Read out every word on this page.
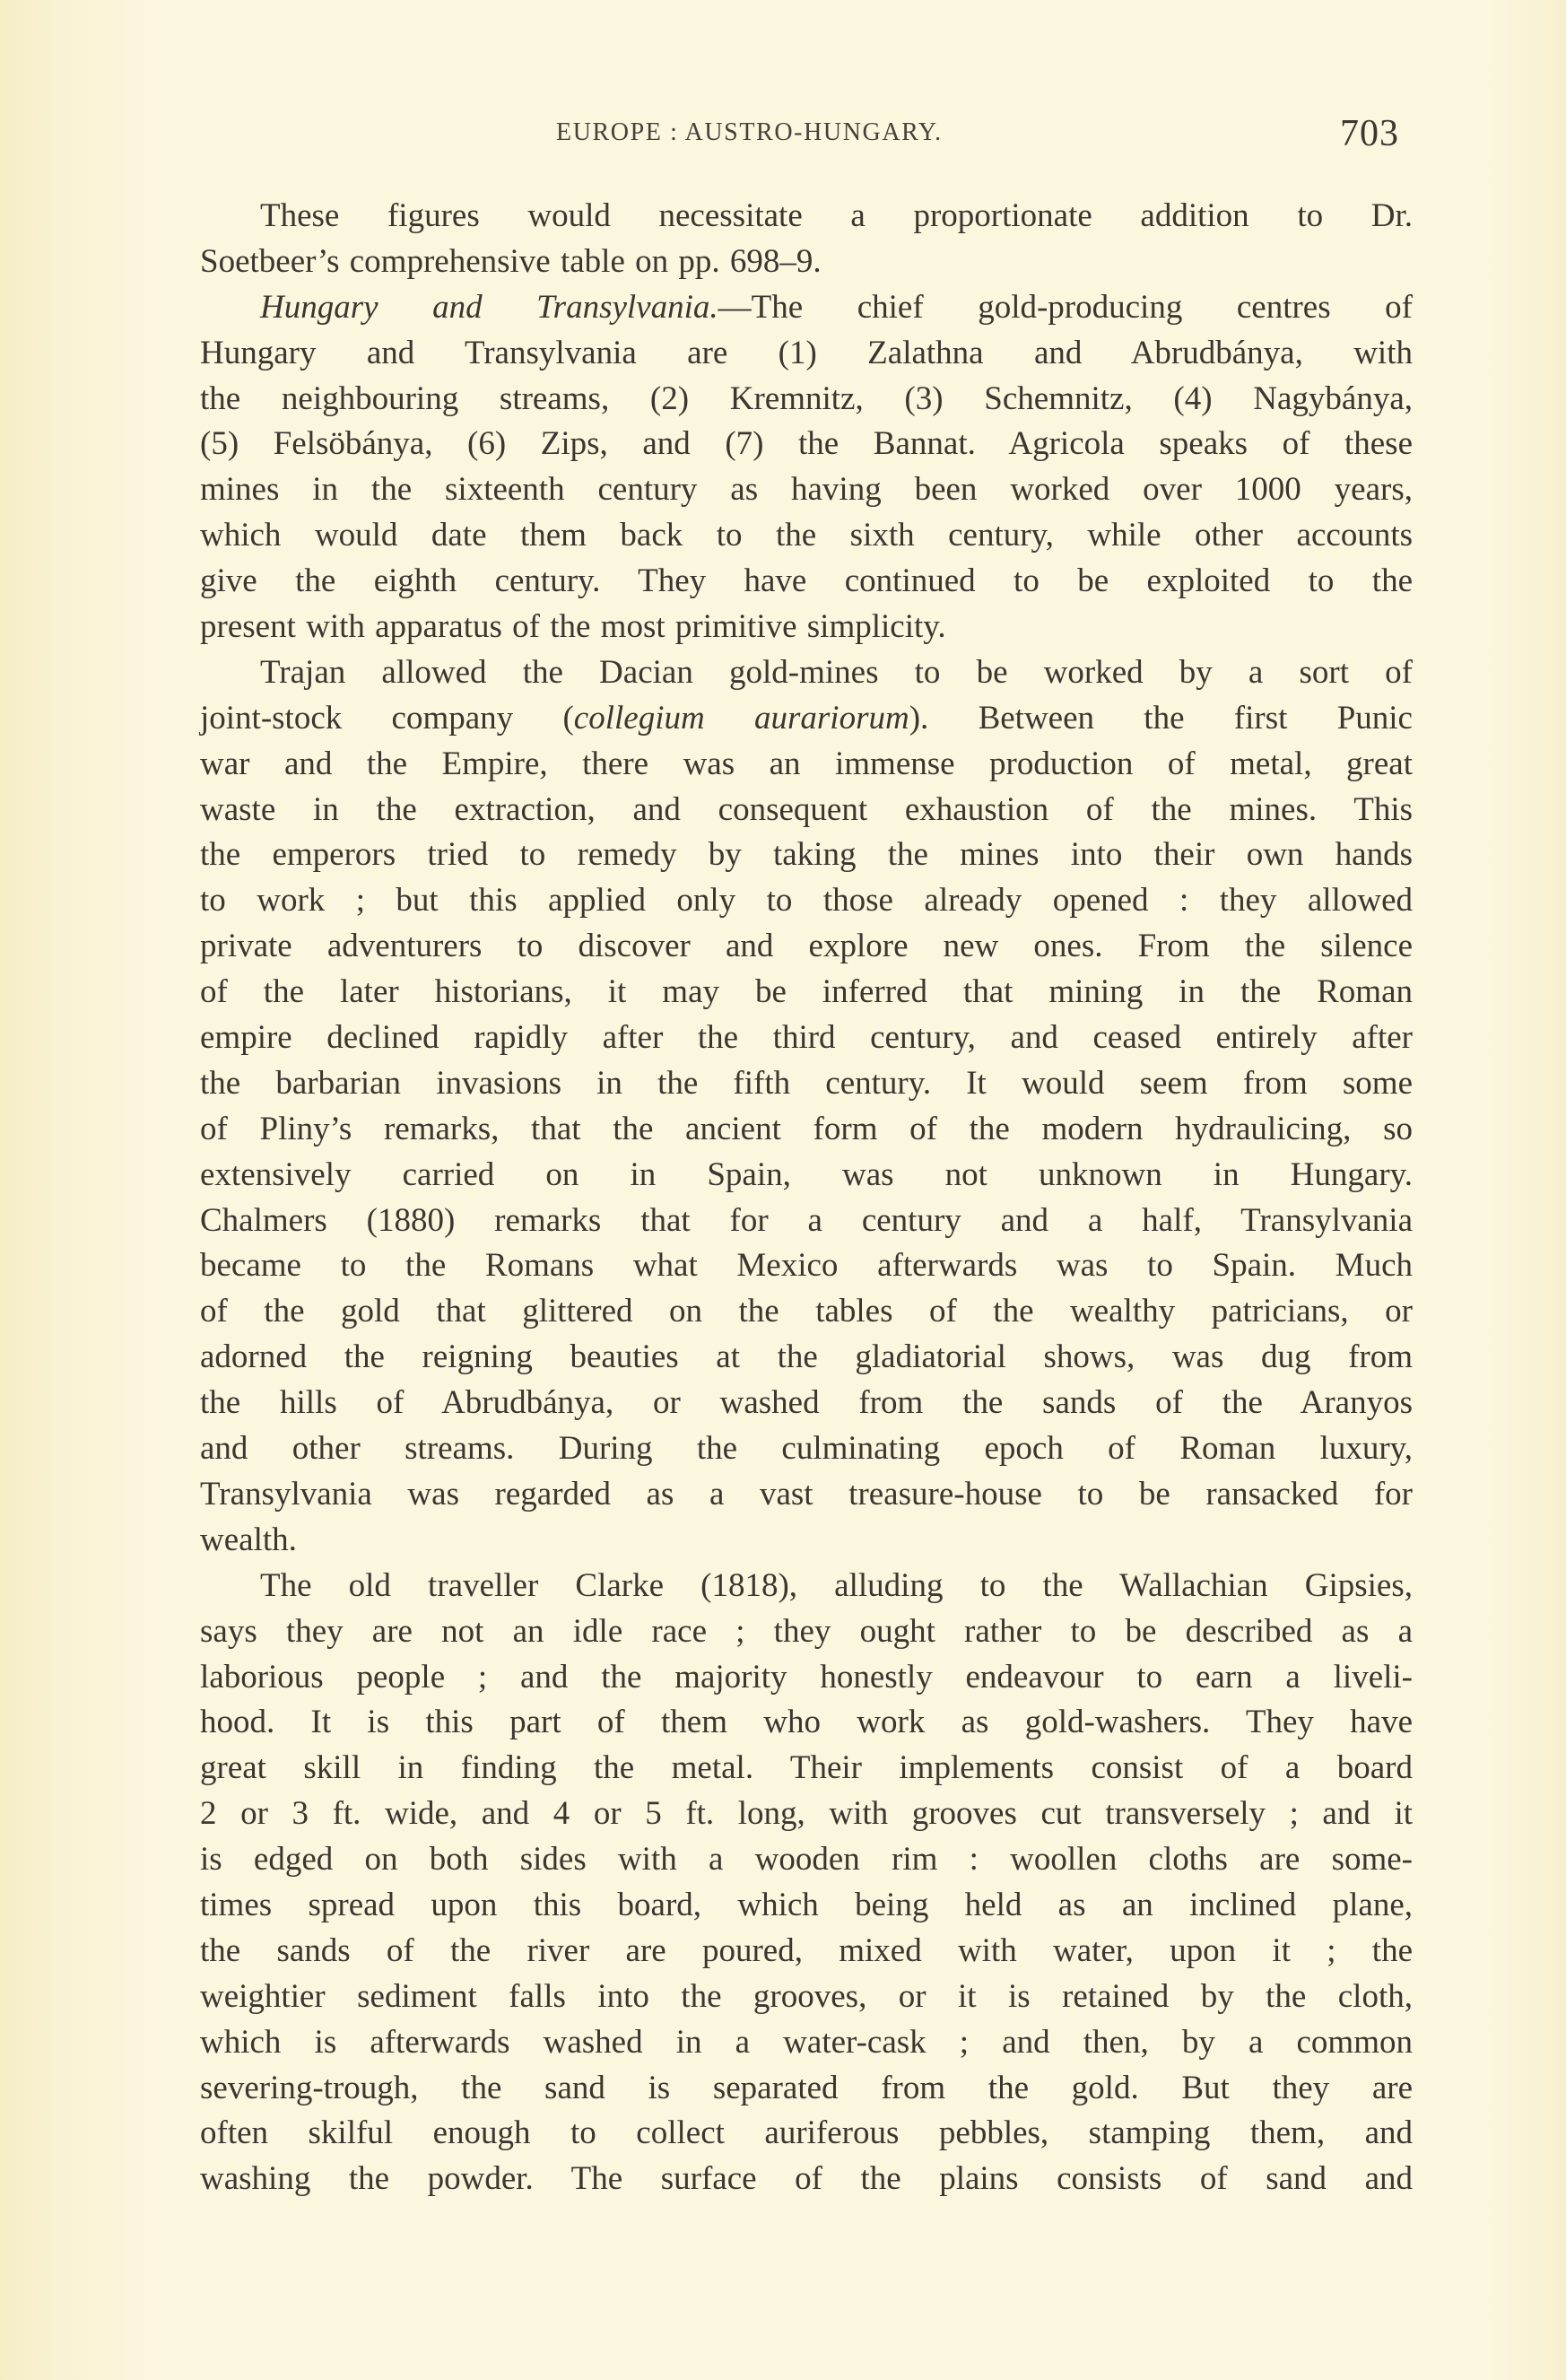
EUROPE : AUSTRO-HUNGARY.	703
These figures would necessitate a proportionate addition to Dr.
Soetbeer’s comprehensive table on pp. 698–9.
Hungary and Transylvania.—The chief gold-producing centres of
Hungary and Transylvania are (1) Zalathna and Abrudbánya, with
the neighbouring streams, (2) Kremnitz, (3) Schemnitz, (4) Nagybánya,
(5) Felsöbánya, (6) Zips, and (7) the Bannat. Agricola speaks of these
mines in the sixteenth century as having been worked over 1000 years,
which would date them back to the sixth century, while other accounts
give the eighth century. They have continued to be exploited to the
present with apparatus of the most primitive simplicity.
Trajan allowed the Dacian gold-mines to be worked by a sort of
joint-stock company (collegium aurariorum). Between the first Punic
war and the Empire, there was an immense production of metal, great
waste in the extraction, and consequent exhaustion of the mines. This
the emperors tried to remedy by taking the mines into their own hands
to work ; but this applied only to those already opened : they allowed
private adventurers to discover and explore new ones. From the silence
of the later historians, it may be inferred that mining in the Roman
empire declined rapidly after the third century, and ceased entirely after
the barbarian invasions in the fifth century. It would seem from some
of Pliny’s remarks, that the ancient form of the modern hydraulicing, so
extensively carried on in Spain, was not unknown in Hungary.
Chalmers (1880) remarks that for a century and a half, Transylvania
became to the Romans what Mexico afterwards was to Spain. Much
of the gold that glittered on the tables of the wealthy patricians, or
adorned the reigning beauties at the gladiatorial shows, was dug from
the hills of Abrudbánya, or washed from the sands of the Aranyos
and other streams. During the culminating epoch of Roman luxury,
Transylvania was regarded as a vast treasure-house to be ransacked for
wealth.
The old traveller Clarke (1818), alluding to the Wallachian Gipsies,
says they are not an idle race ; they ought rather to be described as a
laborious people ; and the majority honestly endeavour to earn a liveli-
hood. It is this part of them who work as gold-washers. They have
great skill in finding the metal. Their implements consist of a board
2 or 3 ft. wide, and 4 or 5 ft. long, with grooves cut transversely ; and it
is edged on both sides with a wooden rim : woollen cloths are some-
times spread upon this board, which being held as an inclined plane,
the sands of the river are poured, mixed with water, upon it ; the
weightier sediment falls into the grooves, or it is retained by the cloth,
which is afterwards washed in a water-cask ; and then, by a common
severing-trough, the sand is separated from the gold. But they are
often skilful enough to collect auriferous pebbles, stamping them, and
washing the powder. The surface of the plains consists of sand and
